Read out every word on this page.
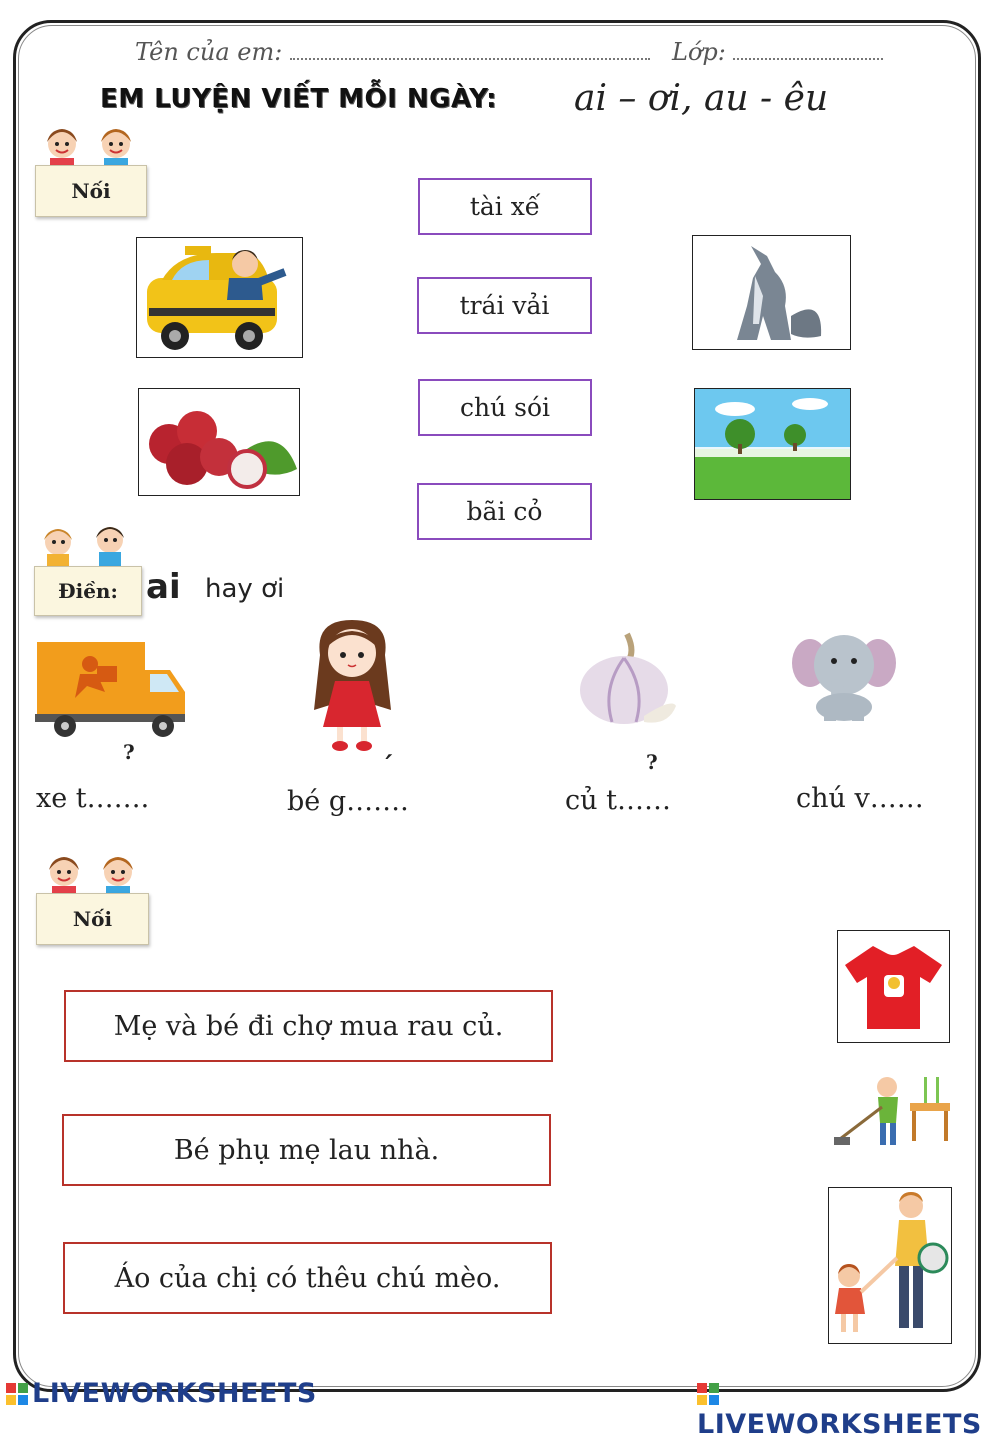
Tên của em:	Lớp:
EM LUYỆN VIẾT MỖI NGÀY: ai – ơi, au - êu
Nối
tài xế
trái vải
chú sói
bãi cỏ
Điền: ai hay ơi
?
xe t…….
´
bé g…….
?
củ t……	chú v……
Nối
Mẹ và bé đi chợ mua rau củ.
Bé phụ mẹ lau nhà.
Áo của chị có thêu chú mèo.
LIVEWORKSHEETS
LIVEWORKSHEETS
